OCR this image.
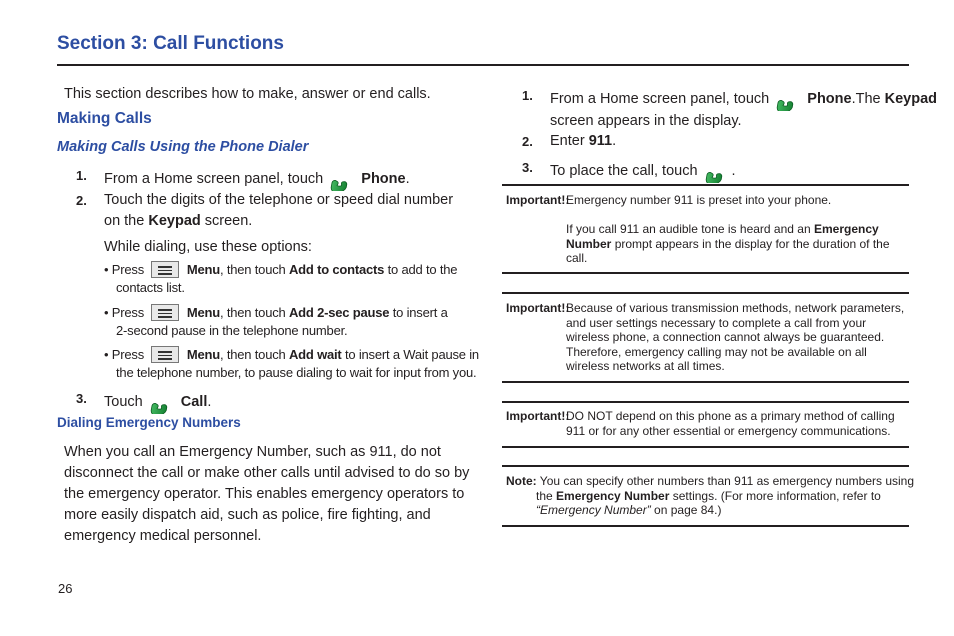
Section 3: Call Functions
This section describes how to make, answer or end calls.
Making Calls
Making Calls Using the Phone Dialer
1. From a Home screen panel, touch	Phone.
2. Touch the digits of the telephone or speed dial number on the Keypad screen.
While dialing, use these options:
• Press	Menu, then touch Add to contacts to add to the
contacts list.
• Press	Menu, then touch Add 2-sec pause to insert a
2-second pause in the telephone number.
• Press	Menu, then touch Add wait to insert a Wait pause in
the telephone number, to pause dialing to wait for input from you.
3. Touch	Call.
Dialing Emergency Numbers
When you call an Emergency Number, such as 911, do not
disconnect the call or make other calls until advised to do so by
the emergency operator. This enables emergency operators to
more easily dispatch aid, such as police, fire fighting, and
emergency medical personnel.
26
1. From a Home screen panel, touch	Phone.The Keypad
screen appears in the display.
2. Enter 911.
3. To place the call, touch .
Important!:
Emergency number 911 is preset into your phone.
If you call 911 an audible tone is heard and an Emergency Number prompt appears in the display for the duration of the call.
Important!:
Because of various transmission methods, network parameters,
and user settings necessary to complete a call from your
wireless phone, a connection cannot always be guaranteed.
Therefore, emergency calling may not be available on all
wireless networks at all times.
Important!:
DO NOT depend on this phone as a primary method of calling
911 or for any other essential or emergency communications.
Note: You can specify other numbers than 911 as emergency numbers using
the Emergency Number settings. (For more information, refer to
“Emergency Number” on page 84.)
